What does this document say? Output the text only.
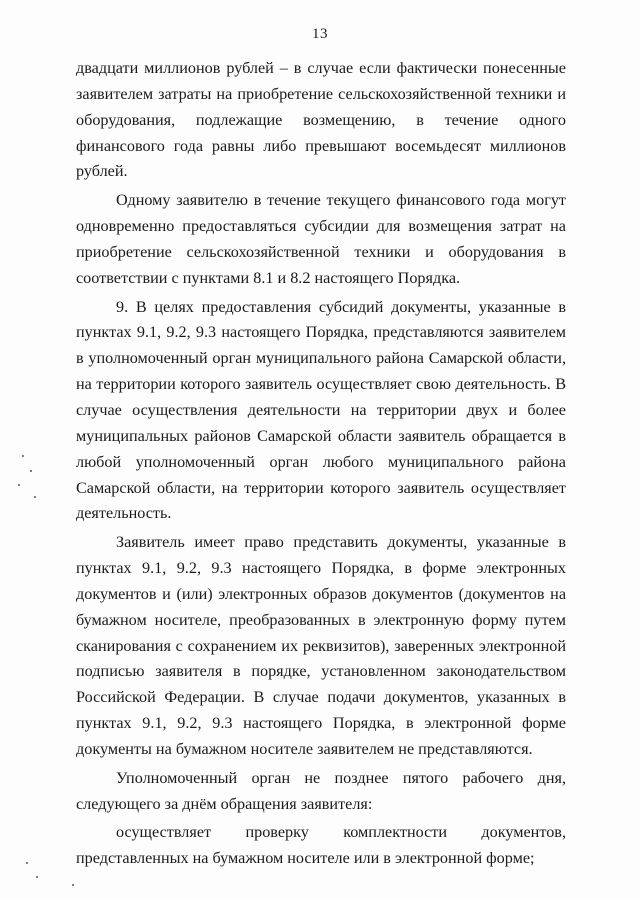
13

двадцати миллионов рублей – в случае если фактически понесенные заявителем затраты на приобретение сельскохозяйственной техники и оборудования, подлежащие возмещению, в течение одного финансового года равны либо превышают восемьдесят миллионов рублей.

Одному заявителю в течение текущего финансового года могут одновременно предоставляться субсидии для возмещения затрат на приобретение сельскохозяйственной техники и оборудования в соответствии с пунктами 8.1 и 8.2 настоящего Порядка.

9. В целях предоставления субсидий документы, указанные в пунктах 9.1, 9.2, 9.3 настоящего Порядка, представляются заявителем в уполномоченный орган муниципального района Самарской области, на территории которого заявитель осуществляет свою деятельность. В случае осуществления деятельности на территории двух и более муниципальных районов Самарской области заявитель обращается в любой уполномоченный орган любого муниципального района Самарской области, на территории которого заявитель осуществляет деятельность.

Заявитель имеет право представить документы, указанные в пунктах 9.1, 9.2, 9.3 настоящего Порядка, в форме электронных документов и (или) электронных образов документов (документов на бумажном носителе, преобразованных в электронную форму путем сканирования с сохранением их реквизитов), заверенных электронной подписью заявителя в порядке, установленном законодательством Российской Федерации. В случае подачи документов, указанных в пунктах 9.1, 9.2, 9.3 настоящего Порядка, в электронной форме документы на бумажном носителе заявителем не представляются.

Уполномоченный орган не позднее пятого рабочего дня, следующего за днём обращения заявителя:

осуществляет проверку комплектности документов, представленных на бумажном носителе или в электронной форме;
